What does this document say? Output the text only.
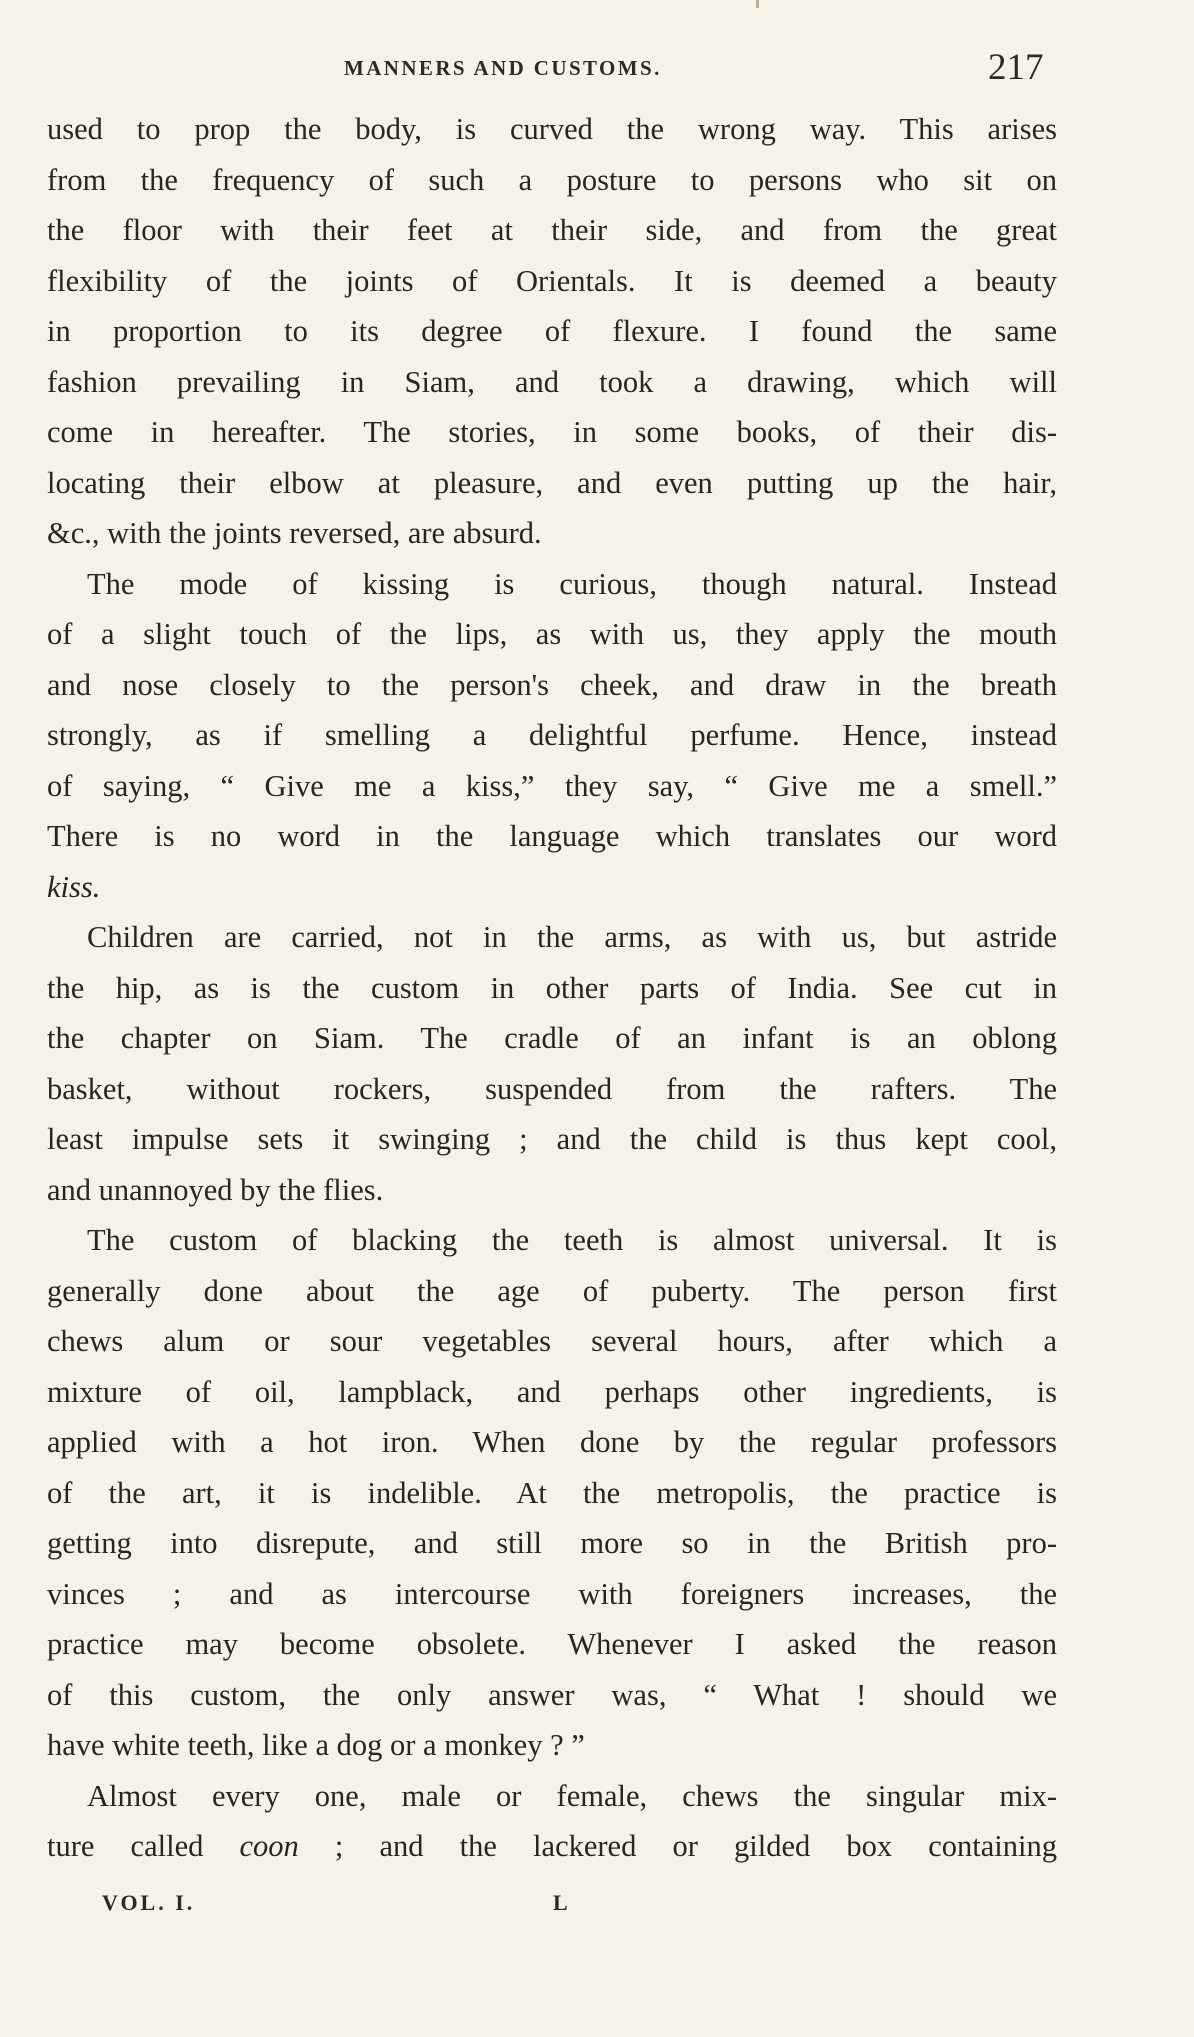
MANNERS AND CUSTOMS.	217
used to prop the body, is curved the wrong way. This arises
from the frequency of such a posture to persons who sit on
the floor with their feet at their side, and from the great
flexibility of the joints of Orientals. It is deemed a beauty
in proportion to its degree of flexure. I found the same
fashion prevailing in Siam, and took a drawing, which will
come in hereafter. The stories, in some books, of their dis-
locating their elbow at pleasure, and even putting up the hair,
&c., with the joints reversed, are absurd.
The mode of kissing is curious, though natural. Instead
of a slight touch of the lips, as with us, they apply the mouth
and nose closely to the person's cheek, and draw in the breath
strongly, as if smelling a delightful perfume. Hence, instead
of saying, “ Give me a kiss,” they say, “ Give me a smell.”
There is no word in the language which translates our word
kiss.
Children are carried, not in the arms, as with us, but astride
the hip, as is the custom in other parts of India. See cut in
the chapter on Siam. The cradle of an infant is an oblong
basket, without rockers, suspended from the rafters. The
least impulse sets it swinging ; and the child is thus kept cool,
and unannoyed by the flies.
The custom of blacking the teeth is almost universal. It is
generally done about the age of puberty. The person first
chews alum or sour vegetables several hours, after which a
mixture of oil, lampblack, and perhaps other ingredients, is
applied with a hot iron. When done by the regular professors
of the art, it is indelible. At the metropolis, the practice is
getting into disrepute, and still more so in the British pro-
vinces ; and as intercourse with foreigners increases, the
practice may become obsolete. Whenever I asked the reason
of this custom, the only answer was, “ What ! should we
have white teeth, like a dog or a monkey ? ”
Almost every one, male or female, chews the singular mix-
ture called coon ; and the lackered or gilded box containing
VOL. I.	L
